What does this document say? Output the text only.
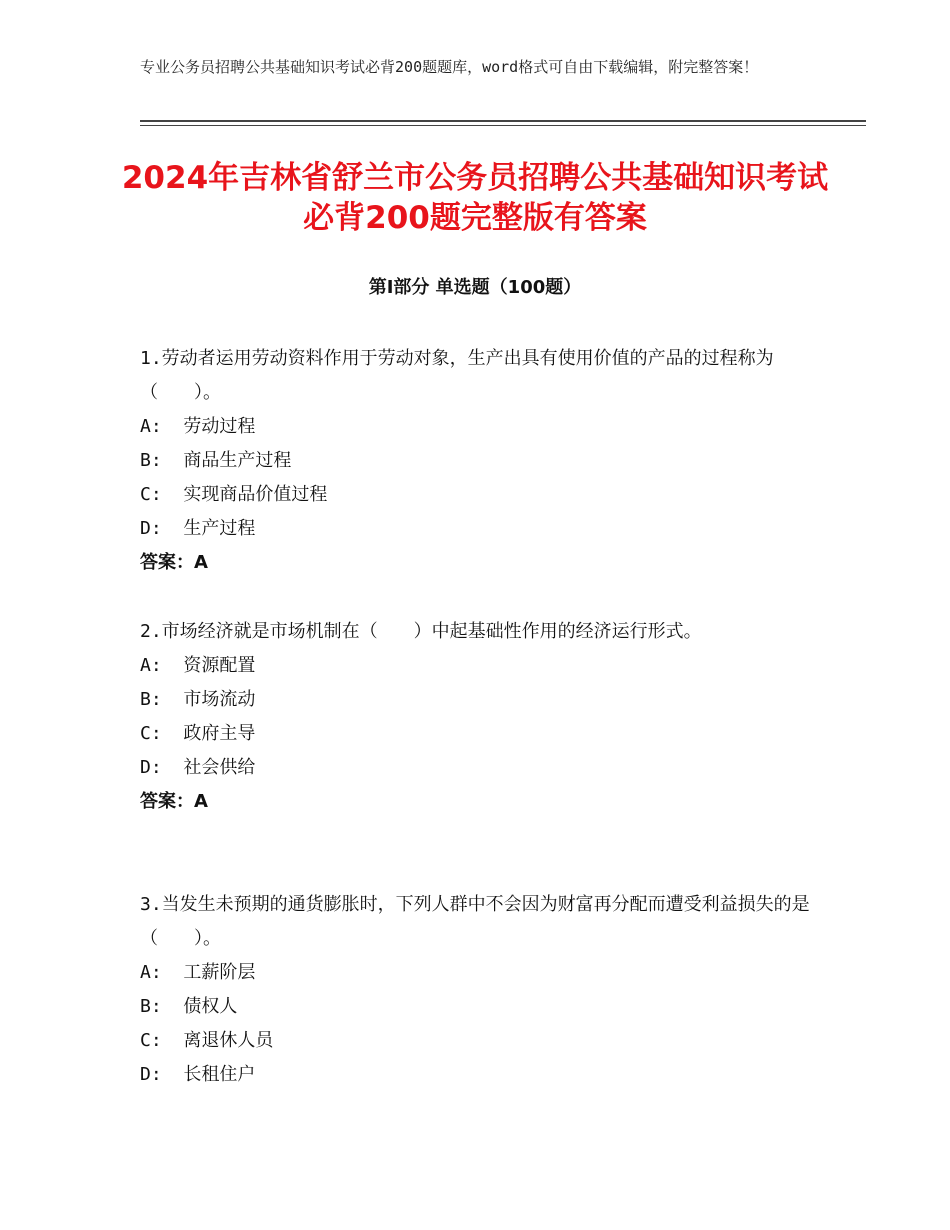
专业公务员招聘公共基础知识考试必背200题题库，word格式可自由下载编辑，附完整答案！
2024年吉林省舒兰市公务员招聘公共基础知识考试必背200题完整版有答案
第Ⅰ部分 单选题（100题）

1.劳动者运用劳动资料作用于劳动对象，生产出具有使用价值的产品的过程称为（　　）。

A:  劳动过程

B:  商品生产过程

C:  实现商品价值过程

D:  生产过程

答案：A

2.市场经济就是市场机制在（　　）中起基础性作用的经济运行形式。

A:  资源配置

B:  市场流动

C:  政府主导

D:  社会供给

答案：A

3.当发生未预期的通货膨胀时，下列人群中不会因为财富再分配而遭受利益损失的是（　　）。

A:  工薪阶层

B:  债权人

C:  离退休人员

D:  长租住户
